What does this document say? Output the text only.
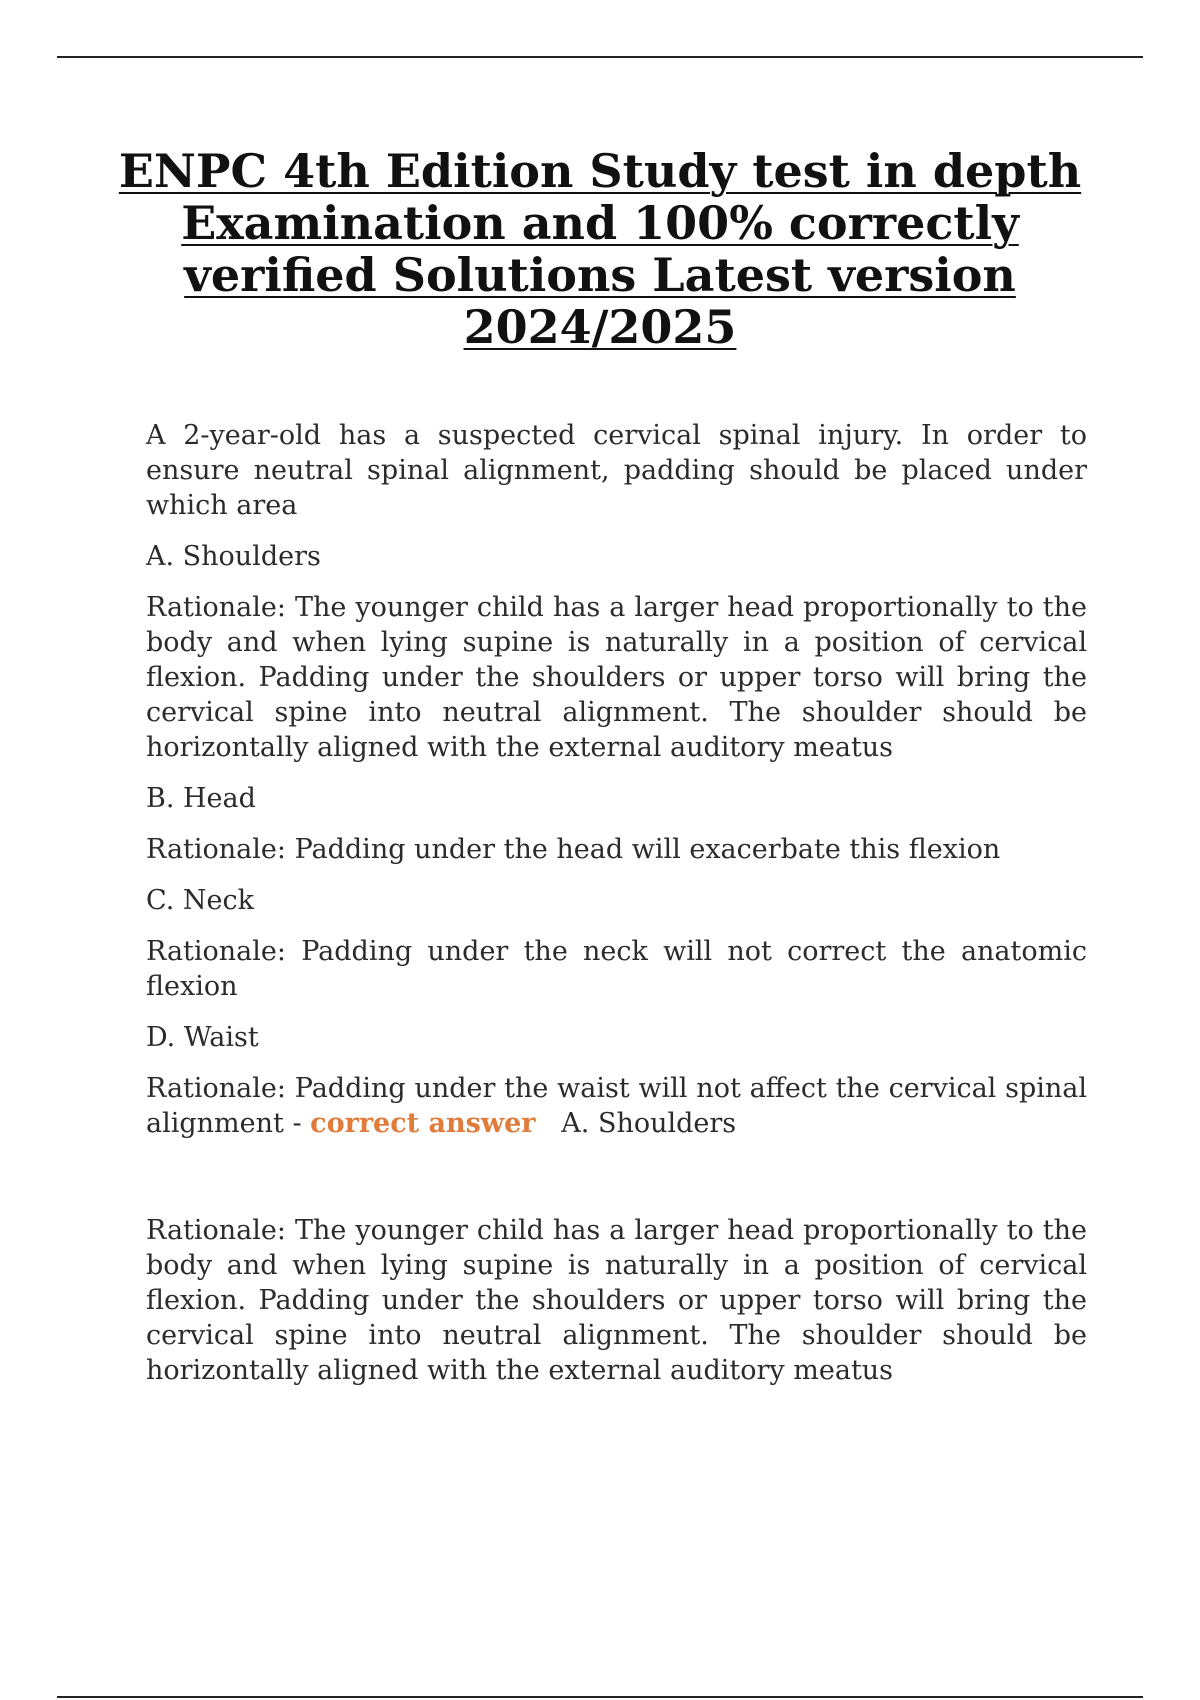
ENPC 4th Edition Study test in depth Examination and 100% correctly verified Solutions Latest version 2024/2025

A 2-year-old has a suspected cervical spinal injury. In order to ensure neutral spinal alignment, padding should be placed under which area

A. Shoulders

Rationale: The younger child has a larger head proportionally to the body and when lying supine is naturally in a position of cervical flexion. Padding under the shoulders or upper torso will bring the cervical spine into neutral alignment. The shoulder should be horizontally aligned with the external auditory meatus

B. Head

Rationale: Padding under the head will exacerbate this flexion

C. Neck

Rationale: Padding under the neck will not correct the anatomic flexion

D. Waist

Rationale: Padding under the waist will not affect the cervical spinal alignment - correct answer A. Shoulders

Rationale: The younger child has a larger head proportionally to the body and when lying supine is naturally in a position of cervical flexion. Padding under the shoulders or upper torso will bring the cervical spine into neutral alignment. The shoulder should be horizontally aligned with the external auditory meatus
